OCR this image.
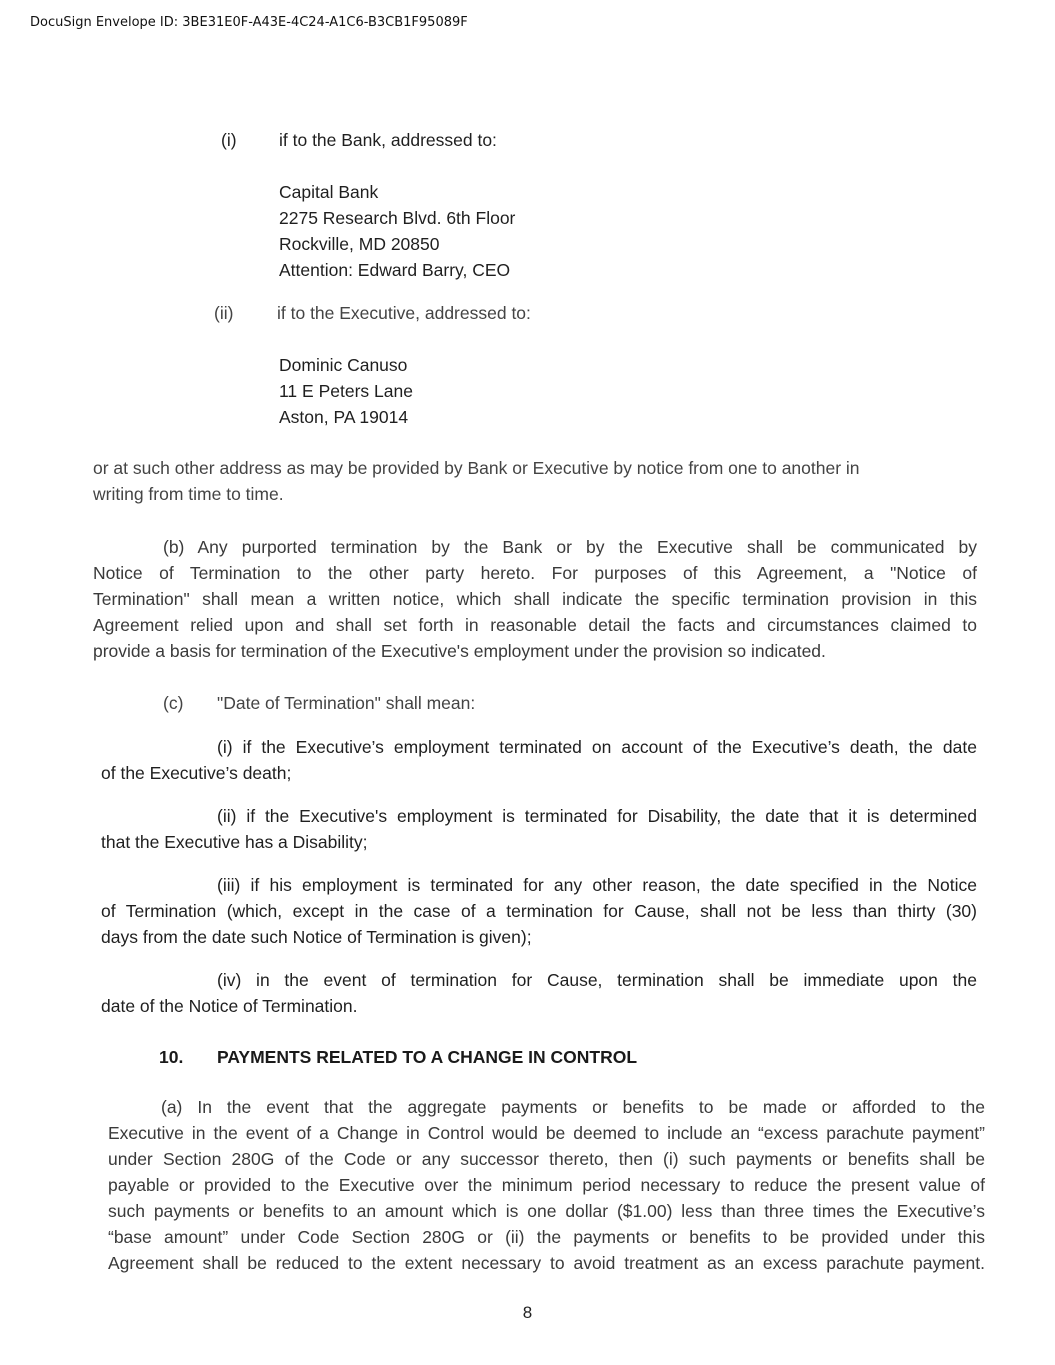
DocuSign Envelope ID: 3BE31E0F-A43E-4C24-A1C6-B3CB1F95089F
(i) if to the Bank, addressed to:
Capital Bank
2275 Research Blvd. 6th Floor
Rockville, MD 20850
Attention: Edward Barry, CEO
(ii) if to the Executive, addressed to:
Dominic Canuso
11 E Peters Lane
Aston, PA 19014
or at such other address as may be provided by Bank or Executive by notice from one to another in
writing from time to time.
(b) Any purported termination by the Bank or by the Executive shall be communicated by
Notice of Termination to the other party hereto. For purposes of this Agreement, a "Notice of
Termination" shall mean a written notice, which shall indicate the specific termination provision in this
Agreement relied upon and shall set forth in reasonable detail the facts and circumstances claimed to
provide a basis for termination of the Executive's employment under the provision so indicated.
(c) "Date of Termination" shall mean:
(i) if the Executive’s employment terminated on account of the Executive’s death, the date
of the Executive’s death;
(ii) if the Executive's employment is terminated for Disability, the date that it is determined
that the Executive has a Disability;
(iii) if his employment is terminated for any other reason, the date specified in the Notice
of Termination (which, except in the case of a termination for Cause, shall not be less than thirty (30)
days from the date such Notice of Termination is given);
(iv) in the event of termination for Cause, termination shall be immediate upon the
date of the Notice of Termination.
10. PAYMENTS RELATED TO A CHANGE IN CONTROL
(a) In the event that the aggregate payments or benefits to be made or afforded to the
Executive in the event of a Change in Control would be deemed to include an “excess parachute payment”
under Section 280G of the Code or any successor thereto, then (i) such payments or benefits shall be
payable or provided to the Executive over the minimum period necessary to reduce the present value of
such payments or benefits to an amount which is one dollar ($1.00) less than three times the Executive’s
“base amount” under Code Section 280G or (ii) the payments or benefits to be provided under this
Agreement shall be reduced to the extent necessary to avoid treatment as an excess parachute payment.
8
